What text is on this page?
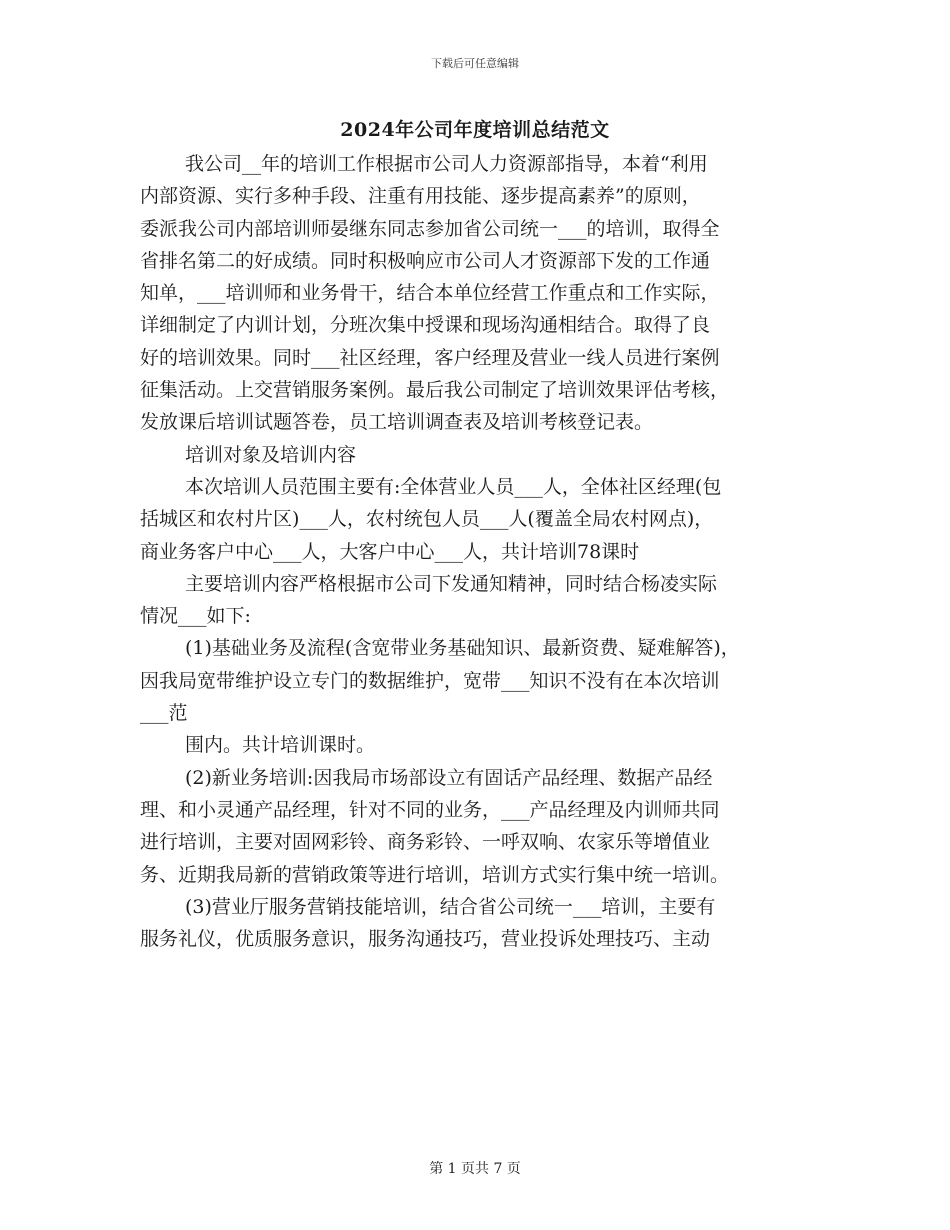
下载后可任意编辑
2024年公司年度培训总结范文
我公司__年的培训工作根据市公司人力资源部指导，本着“利用
内部资源、实行多种手段、注重有用技能、逐步提高素养”的原则，
委派我公司内部培训师晏继东同志参加省公司统一___的培训，取得全
省排名第二的好成绩。同时积极响应市公司人才资源部下发的工作通
知单，___培训师和业务骨干，结合本单位经营工作重点和工作实际，
详细制定了内训计划，分班次集中授课和现场沟通相结合。取得了良
好的培训效果。同时___社区经理，客户经理及营业一线人员进行案例
征集活动。上交营销服务案例。最后我公司制定了培训效果评估考核，
发放课后培训试题答卷，员工培训调查表及培训考核登记表。
培训对象及培训内容
本次培训人员范围主要有:全体营业人员___人，全体社区经理(包
括城区和农村片区)___人，农村统包人员___人(覆盖全局农村网点)，
商业务客户中心___人，大客户中心___人，共计培训78课时
主要培训内容严格根据市公司下发通知精神，同时结合杨凌实际
情况___如下:
(1)基础业务及流程(含宽带业务基础知识、最新资费、疑难解答)，
因我局宽带维护设立专门的数据维护，宽带___知识不没有在本次培训
___范
围内。共计培训课时。
(2)新业务培训:因我局市场部设立有固话产品经理、数据产品经
理、和小灵通产品经理，针对不同的业务，___产品经理及内训师共同
进行培训，主要对固网彩铃、商务彩铃、一呼双响、农家乐等增值业
务、近期我局新的营销政策等进行培训，培训方式实行集中统一培训。
(3)营业厅服务营销技能培训，结合省公司统一___培训，主要有
服务礼仪，优质服务意识，服务沟通技巧，营业投诉处理技巧、主动
第 1 页共 7 页
